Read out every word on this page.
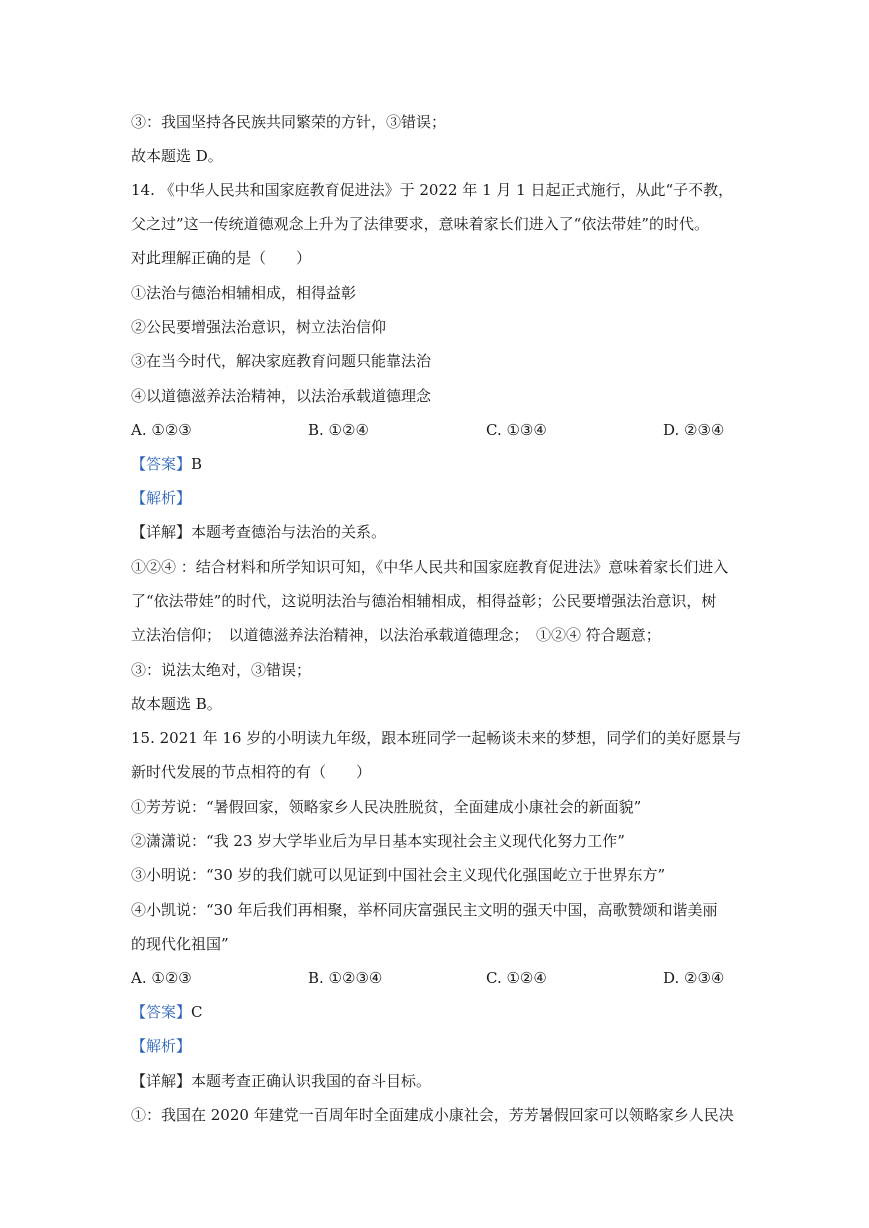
③：我国坚持各民族共同繁荣的方针，③错误；
故本题选 D。
14. 《中华人民共和国家庭教育促进法》于 2022 年 1 月 1 日起正式施行，从此“子不教，
父之过”这一传统道德观念上升为了法律要求，意味着家长们进入了“依法带娃”的时代。
对此理解正确的是（　　）
①法治与德治相辅相成，相得益彰
②公民要增强法治意识，树立法治信仰
③在当今时代，解决家庭教育问题只能靠法治
④以道德滋养法治精神，以法治承载道德理念
A. ①②③	B. ①②④	C. ①③④	D. ②③④
【答案】B
【解析】
【详解】本题考查德治与法治的关系。
①②④ ：结合材料和所学知识可知，《中华人民共和国家庭教育促进法》意味着家长们进入
了“依法带娃”的时代，这说明法治与德治相辅相成，相得益彰；公民要增强法治意识，树
立法治信仰；　以道德滋养法治精神，以法治承载道德理念；　①②④ 符合题意；
③：说法太绝对，③错误；
故本题选 B。
15. 2021 年 16 岁的小明读九年级，跟本班同学一起畅谈未来的梦想，同学们的美好愿景与
新时代发展的节点相符的有（　　）
①芳芳说：“暑假回家，领略家乡人民决胜脱贫，全面建成小康社会的新面貌”
②潇潇说：“我 23 岁大学毕业后为早日基本实现社会主义现代化努力工作”
③小明说：“30 岁的我们就可以见证到中国社会主义现代化强国屹立于世界东方”
④小凯说：“30 年后我们再相聚，举杯同庆富强民主文明的强天中国，高歌赞颂和谐美丽
的现代化祖国”
A. ①②③	B. ①②③④	C. ①②④	D. ②③④
【答案】C
【解析】
【详解】本题考查正确认识我国的奋斗目标。
①：我国在 2020 年建党一百周年时全面建成小康社会，芳芳暑假回家可以领略家乡人民决
